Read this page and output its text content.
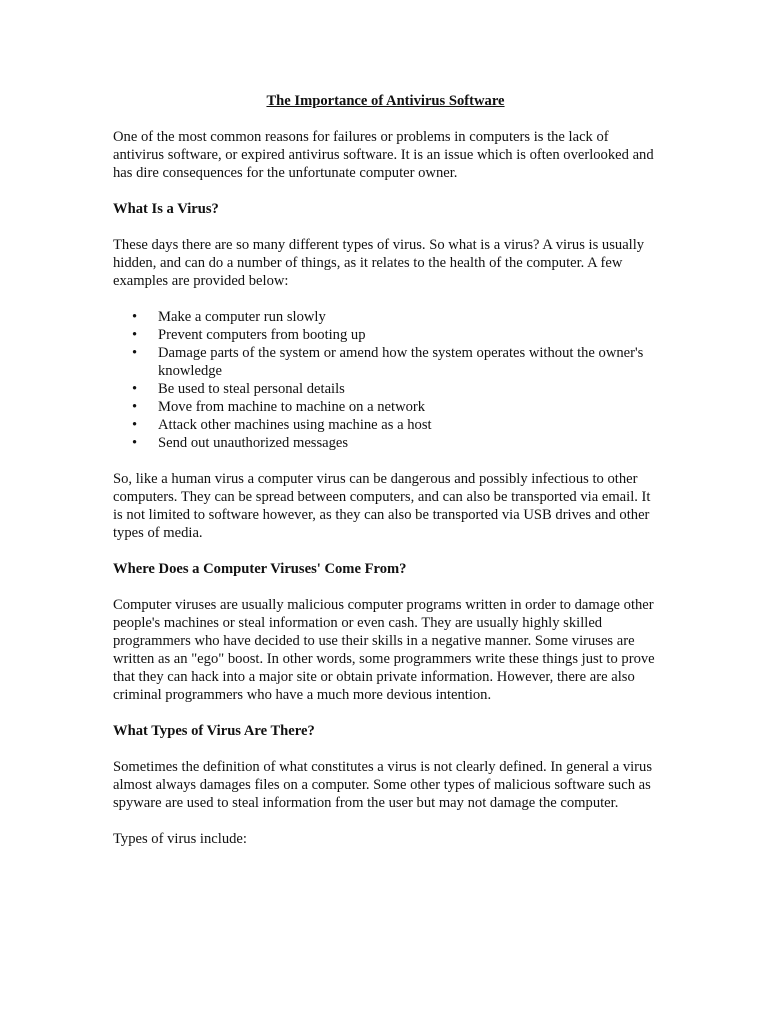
The Importance of Antivirus Software

One of the most common reasons for failures or problems in computers is the lack of antivirus software, or expired antivirus software. It is an issue which is often overlooked and has dire consequences for the unfortunate computer owner.

What Is a Virus?

These days there are so many different types of virus. So what is a virus? A virus is usually hidden, and can do a number of things, as it relates to the health of the computer. A few examples are provided below:

• Make a computer run slowly
• Prevent computers from booting up
• Damage parts of the system or amend how the system operates without the owner's knowledge
• Be used to steal personal details
• Move from machine to machine on a network
• Attack other machines using machine as a host
• Send out unauthorized messages

So, like a human virus a computer virus can be dangerous and possibly infectious to other computers. They can be spread between computers, and can also be transported via email. It is not limited to software however, as they can also be transported via USB drives and other types of media.

Where Does a Computer Viruses' Come From?

Computer viruses are usually malicious computer programs written in order to damage other people's machines or steal information or even cash. They are usually highly skilled programmers who have decided to use their skills in a negative manner. Some viruses are written as an "ego" boost. In other words, some programmers write these things just to prove that they can hack into a major site or obtain private information. However, there are also criminal programmers who have a much more devious intention.

What Types of Virus Are There?

Sometimes the definition of what constitutes a virus is not clearly defined. In general a virus almost always damages files on a computer. Some other types of malicious software such as spyware are used to steal information from the user but may not damage the computer.

Types of virus include:
